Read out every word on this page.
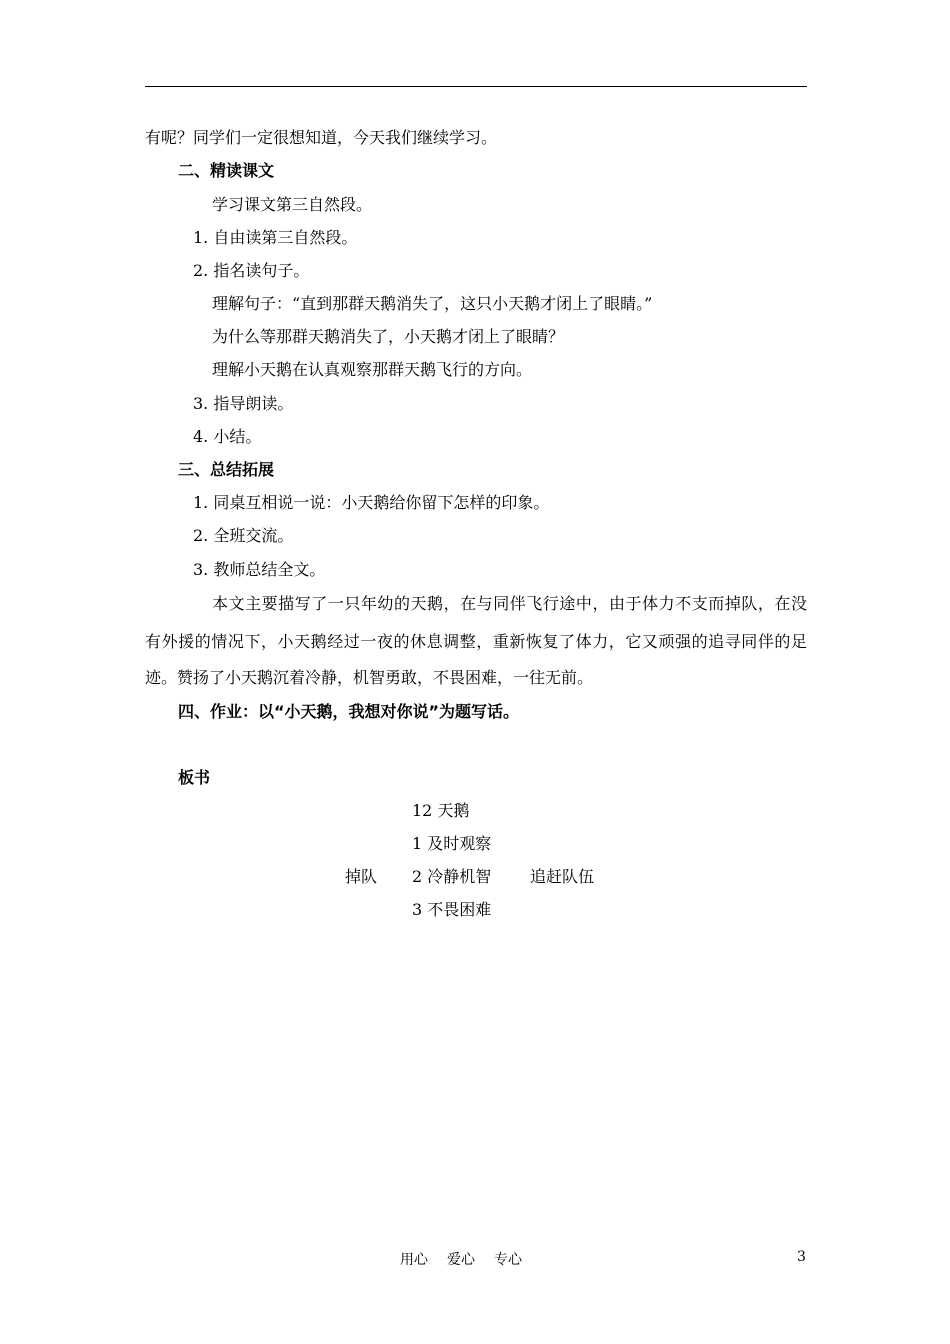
有呢？同学们一定很想知道，今天我们继续学习。
二、精读课文
学习课文第三自然段。
1. 自由读第三自然段。
2. 指名读句子。
理解句子：“直到那群天鹅消失了，这只小天鹅才闭上了眼睛。”
为什么等那群天鹅消失了，小天鹅才闭上了眼睛？
理解小天鹅在认真观察那群天鹅飞行的方向。
3. 指导朗读。
4. 小结。
三、总结拓展
1. 同桌互相说一说：小天鹅给你留下怎样的印象。
2. 全班交流。
3. 教师总结全文。
本文主要描写了一只年幼的天鹅，在与同伴飞行途中，由于体力不支而掉队，在没
有外援的情况下，小天鹅经过一夜的休息调整，重新恢复了体力，它又顽强的追寻同伴的足
迹。赞扬了小天鹅沉着冷静，机智勇敢，不畏困难，一往无前。
四、作业：以“小天鹅，我想对你说”为题写话。
板书
12 天鹅
1 及时观察
掉队 2 冷静机智 追赶队伍
3 不畏困难
用心 爱心 专心	3
